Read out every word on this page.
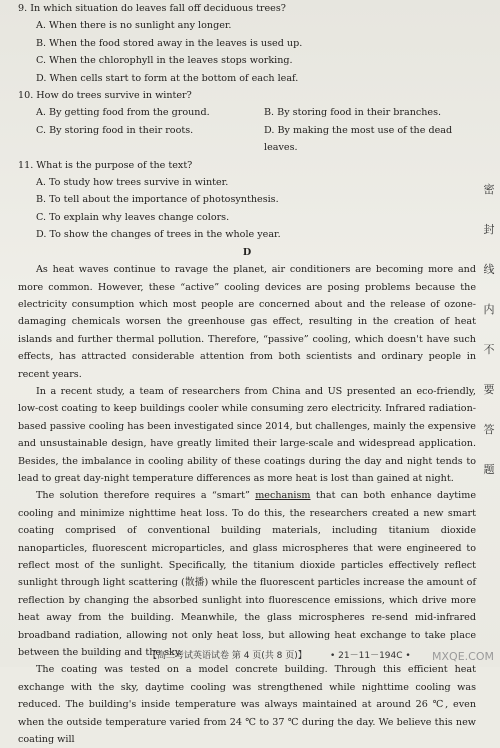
9. In which situation do leaves fall off deciduous trees?

A. When there is no sunlight any longer.
B. When the food stored away in the leaves is used up.
C. When the chlorophyll in the leaves stops working.
D. When cells start to form at the bottom of each leaf.

10. How do trees survive in winter?

A. By getting food from the ground.	B. By storing food in their branches.
C. By storing food in their roots.	D. By making the most use of the dead leaves.

11. What is the purpose of the text?

A. To study how trees survive in winter.
B. To tell about the importance of photosynthesis.
C. To explain why leaves change colors.
D. To show the changes of trees in the whole year.

D

As heat waves continue to ravage the planet, air conditioners are becoming more and more common. However, these “active” cooling devices are posing problems because the electricity consumption which most people are concerned about and the release of ozone-damaging chemicals worsen the greenhouse gas effect, resulting in the creation of heat islands and further thermal pollution. Therefore, “passive” cooling, which doesn't have such effects, has attracted considerable attention from both scientists and ordinary people in recent years.

In a recent study, a team of researchers from China and US presented an eco-friendly, low-cost coating to keep buildings cooler while consuming zero electricity. Infrared radiation-based passive cooling has been investigated since 2014, but challenges, mainly the expensive and unsustainable design, have greatly limited their large-scale and widespread application. Besides, the imbalance in cooling ability of these coatings during the day and night tends to lead to great day-night temperature differences as more heat is lost than gained at night.

The solution therefore requires a “smart” mechanism that can both enhance daytime cooling and minimize nighttime heat loss. To do this, the researchers created a new smart coating comprised of conventional building materials, including titanium dioxide nanoparticles, fluorescent microparticles, and glass microspheres that were engineered to reflect most of the sunlight. Specifically, the titanium dioxide particles effectively reflect sunlight through light scattering (散播) while the fluorescent particles increase the amount of reflection by changing the absorbed sunlight into fluorescence emissions, which drive more heat away from the building. Meanwhile, the glass microspheres re-send mid-infrared broadband radiation, allowing not only heat loss, but allowing heat exchange to take place between the building and the sky.

The coating was tested on a model concrete building. Through this efficient heat exchange with the sky, daytime cooling was strengthened while nighttime cooling was reduced. The building's inside temperature was always maintained at around 26 ℃, even when the outside temperature varied from 24 ℃ to 37 ℃ during the day. We believe this new coating will

密
封
线
内
不
要
答
题
【高三考试英语试卷 第 4 页(共 8 页)】	• 21－11－194C • MXQE.COM
